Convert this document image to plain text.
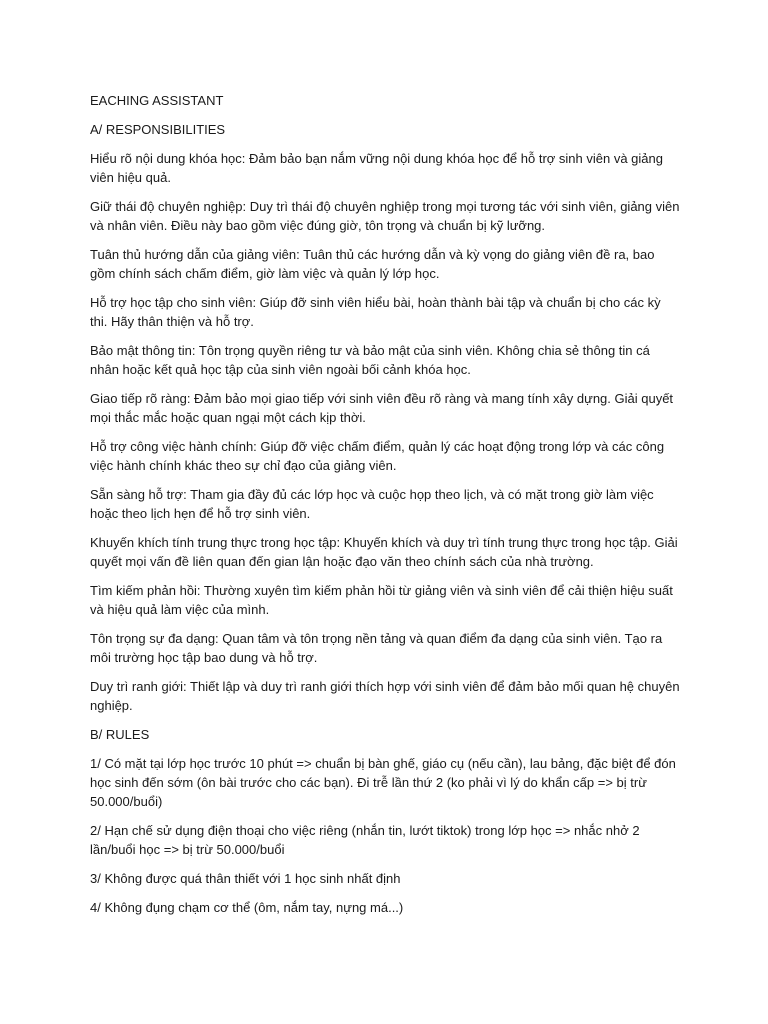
EACHING ASSISTANT

A/ RESPONSIBILITIES

Hiểu rõ nội dung khóa học: Đảm bảo bạn nắm vững nội dung khóa học để hỗ trợ sinh viên và giảng viên hiệu quả.

Giữ thái độ chuyên nghiệp: Duy trì thái độ chuyên nghiệp trong mọi tương tác với sinh viên, giảng viên và nhân viên. Điều này bao gồm việc đúng giờ, tôn trọng và chuẩn bị kỹ lưỡng.

Tuân thủ hướng dẫn của giảng viên: Tuân thủ các hướng dẫn và kỳ vọng do giảng viên đề ra, bao gồm chính sách chấm điểm, giờ làm việc và quản lý lớp học.

Hỗ trợ học tập cho sinh viên: Giúp đỡ sinh viên hiểu bài, hoàn thành bài tập và chuẩn bị cho các kỳ thi. Hãy thân thiện và hỗ trợ.

Bảo mật thông tin: Tôn trọng quyền riêng tư và bảo mật của sinh viên. Không chia sẻ thông tin cá nhân hoặc kết quả học tập của sinh viên ngoài bối cảnh khóa học.

Giao tiếp rõ ràng: Đảm bảo mọi giao tiếp với sinh viên đều rõ ràng và mang tính xây dựng. Giải quyết mọi thắc mắc hoặc quan ngại một cách kịp thời.

Hỗ trợ công việc hành chính: Giúp đỡ việc chấm điểm, quản lý các hoạt động trong lớp và các công việc hành chính khác theo sự chỉ đạo của giảng viên.

Sẵn sàng hỗ trợ: Tham gia đầy đủ các lớp học và cuộc họp theo lịch, và có mặt trong giờ làm việc hoặc theo lịch hẹn để hỗ trợ sinh viên.

Khuyến khích tính trung thực trong học tập: Khuyến khích và duy trì tính trung thực trong học tập. Giải quyết mọi vấn đề liên quan đến gian lận hoặc đạo văn theo chính sách của nhà trường.

Tìm kiếm phản hồi: Thường xuyên tìm kiếm phản hồi từ giảng viên và sinh viên để cải thiện hiệu suất và hiệu quả làm việc của mình.

Tôn trọng sự đa dạng: Quan tâm và tôn trọng nền tảng và quan điểm đa dạng của sinh viên. Tạo ra môi trường học tập bao dung và hỗ trợ.

Duy trì ranh giới: Thiết lập và duy trì ranh giới thích hợp với sinh viên để đảm bảo mối quan hệ chuyên nghiệp.

B/ RULES

1/ Có mặt tại lớp học trước 10 phút => chuẩn bị bàn ghế, giáo cụ (nếu cần), lau bảng, đặc biệt để đón học sinh đến sớm (ôn bài trước cho các bạn). Đi trễ lần thứ 2 (ko phải vì lý do khẩn cấp => bị trừ 50.000/buổi)

2/ Hạn chế sử dụng điện thoại cho việc riêng (nhắn tin, lướt tiktok) trong lớp học => nhắc nhở 2 lần/buổi học => bị trừ 50.000/buổi

3/ Không được quá thân thiết với 1 học sinh nhất định

4/ Không đụng chạm cơ thể (ôm, nắm tay, nựng má...)
